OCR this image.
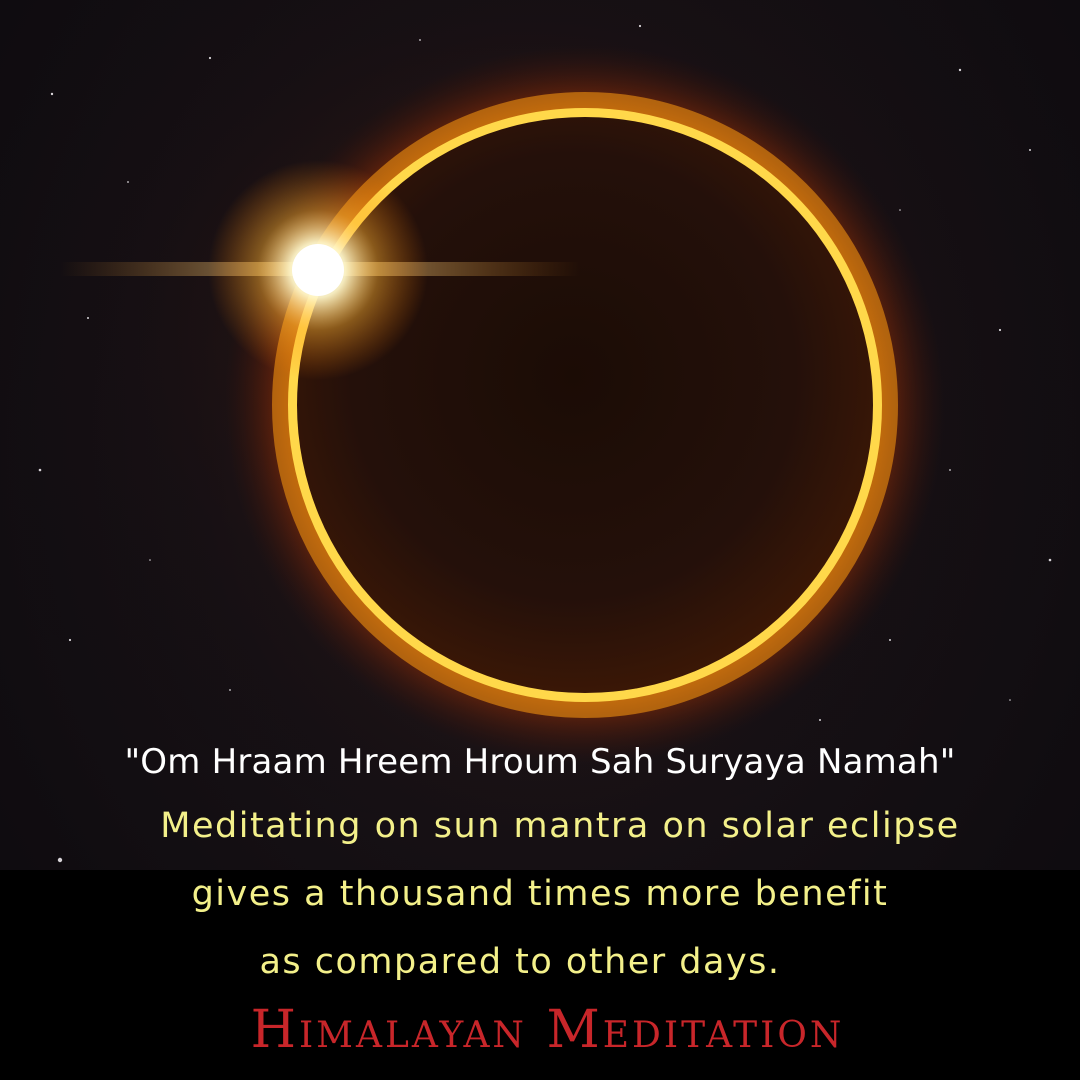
"Om Hraam Hreem Hroum Sah Suryaya Namah"
Meditating on sun mantra on solar eclipse
gives a thousand times more benefit
as compared to other days.
Himalayan Meditation
